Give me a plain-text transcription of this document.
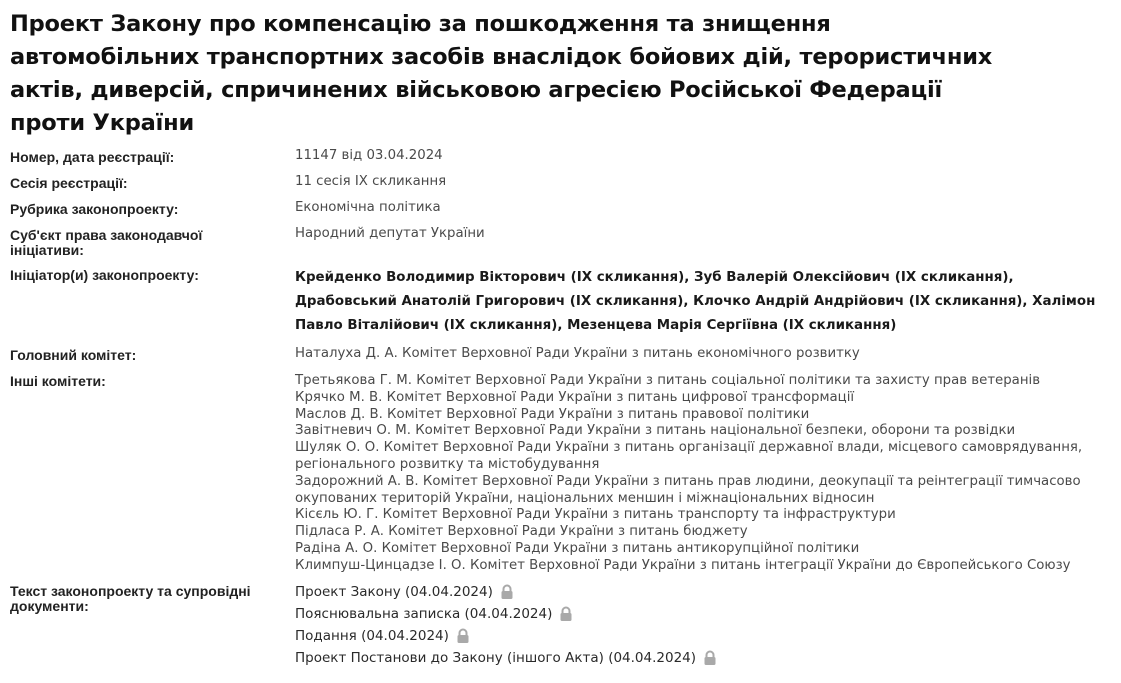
Проект Закону про компенсацію за пошкодження та знищення автомобільних транспортних засобів внаслідок бойових дій, терористичних актів, диверсій, спричинених військовою агресією Російської Федерації проти України
Номер, дата реєстрації:	11147 від 03.04.2024
Сесія реєстрації:	11 сесія IX скликання
Рубрика законопроекту:	Економічна політика
Суб'єкт права законодавчої ініціативи:
Народний депутат України
Ініціатор(и) законопроекту:	Крейденко Володимир Вікторович (IX скликання), Зуб Валерій Олексійович (IX скликання), Драбовський Анатолій Григорович (IX скликання), Клочко Андрій Андрійович (IX скликання), Халімон Павло Віталійович (IX скликання), Мезенцева Марія Сергіївна (IX скликання)
Головний комітет:	Наталуха Д. А. Комітет Верховної Ради України з питань економічного розвитку
Інші комітети:	Третьякова Г. М. Комітет Верховної Ради України з питань соціальної політики та захисту прав ветеранів
Крячко М. В. Комітет Верховної Ради України з питань цифрової трансформації
Маслов Д. В. Комітет Верховної Ради України з питань правової політики
Завітневич О. М. Комітет Верховної Ради України з питань національної безпеки, оборони та розвідки
Шуляк О. О. Комітет Верховної Ради України з питань організації державної влади, місцевого самоврядування, регіонального розвитку та містобудування
Задорожний А. В. Комітет Верховної Ради України з питань прав людини, деокупації та реінтеграції тимчасово окупованих територій України, національних меншин і міжнаціональних відносин
Кісєль Ю. Г. Комітет Верховної Ради України з питань транспорту та інфраструктури
Підласа Р. А. Комітет Верховної Ради України з питань бюджету
Радіна А. О. Комітет Верховної Ради України з питань антикорупційної політики
Климпуш-Цинцадзе І. О. Комітет Верховної Ради України з питань інтеграції України до Європейського Союзу
Текст законопроекту та супровідні документи:
Проект Закону (04.04.2024)
Пояснювальна записка (04.04.2024)
Подання (04.04.2024)
Проект Постанови до Закону (іншого Акта) (04.04.2024)
